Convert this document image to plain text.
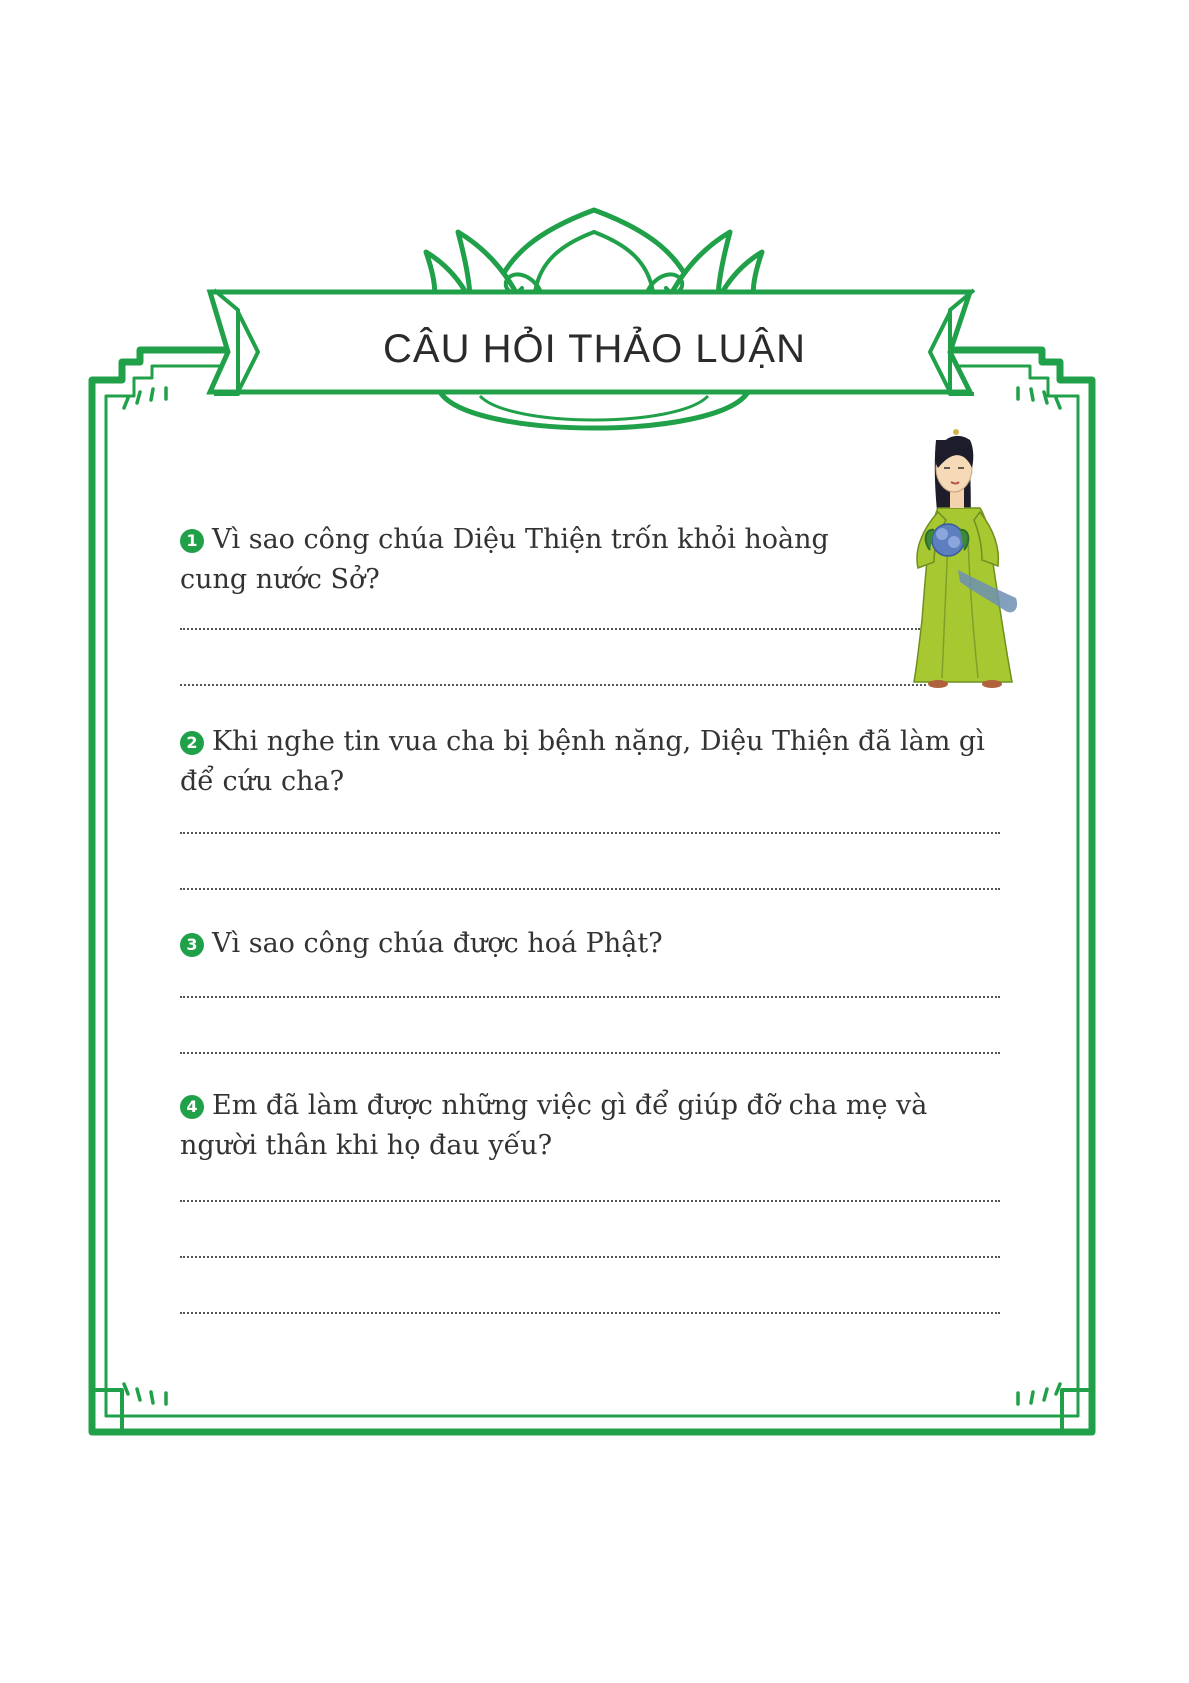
CÂU HỎI THẢO LUẬN
1 Vì sao công chúa Diệu Thiện trốn khỏi hoàng cung nước Sở?
2 Khi nghe tin vua cha bị bệnh nặng, Diệu Thiện đã làm gì để cứu cha?
3 Vì sao công chúa được hoá Phật?
4 Em đã làm được những việc gì để giúp đỡ cha mẹ và người thân khi họ đau yếu?
